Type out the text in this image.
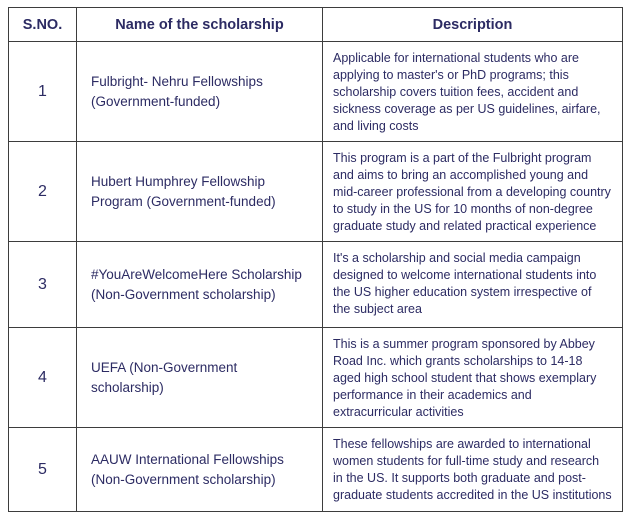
S.NO.	Name of the scholarship	Description
1	Fulbright- Nehru Fellowships (Government-funded)	Applicable for international students who are applying to master's or PhD programs; this scholarship covers tuition fees, accident and sickness coverage as per US guidelines, airfare, and living costs
2	Hubert Humphrey Fellowship Program (Government-funded)	This program is a part of the Fulbright program and aims to bring an accomplished young and mid-career professional from a developing country to study in the US for 10 months of non-degree graduate study and related practical experience
3	#YouAreWelcomeHere Scholarship (Non-Government scholarship)	It's a scholarship and social media campaign designed to welcome international students into the US higher education system irrespective of the subject area
4	UEFA (Non-Government scholarship)	This is a summer program sponsored by Abbey Road Inc. which grants scholarships to 14-18 aged high school student that shows exemplary performance in their academics and extracurricular activities
5	AAUW International Fellowships (Non-Government scholarship)	These fellowships are awarded to international women students for full-time study and research in the US. It supports both graduate and post-graduate students accredited in the US institutions
